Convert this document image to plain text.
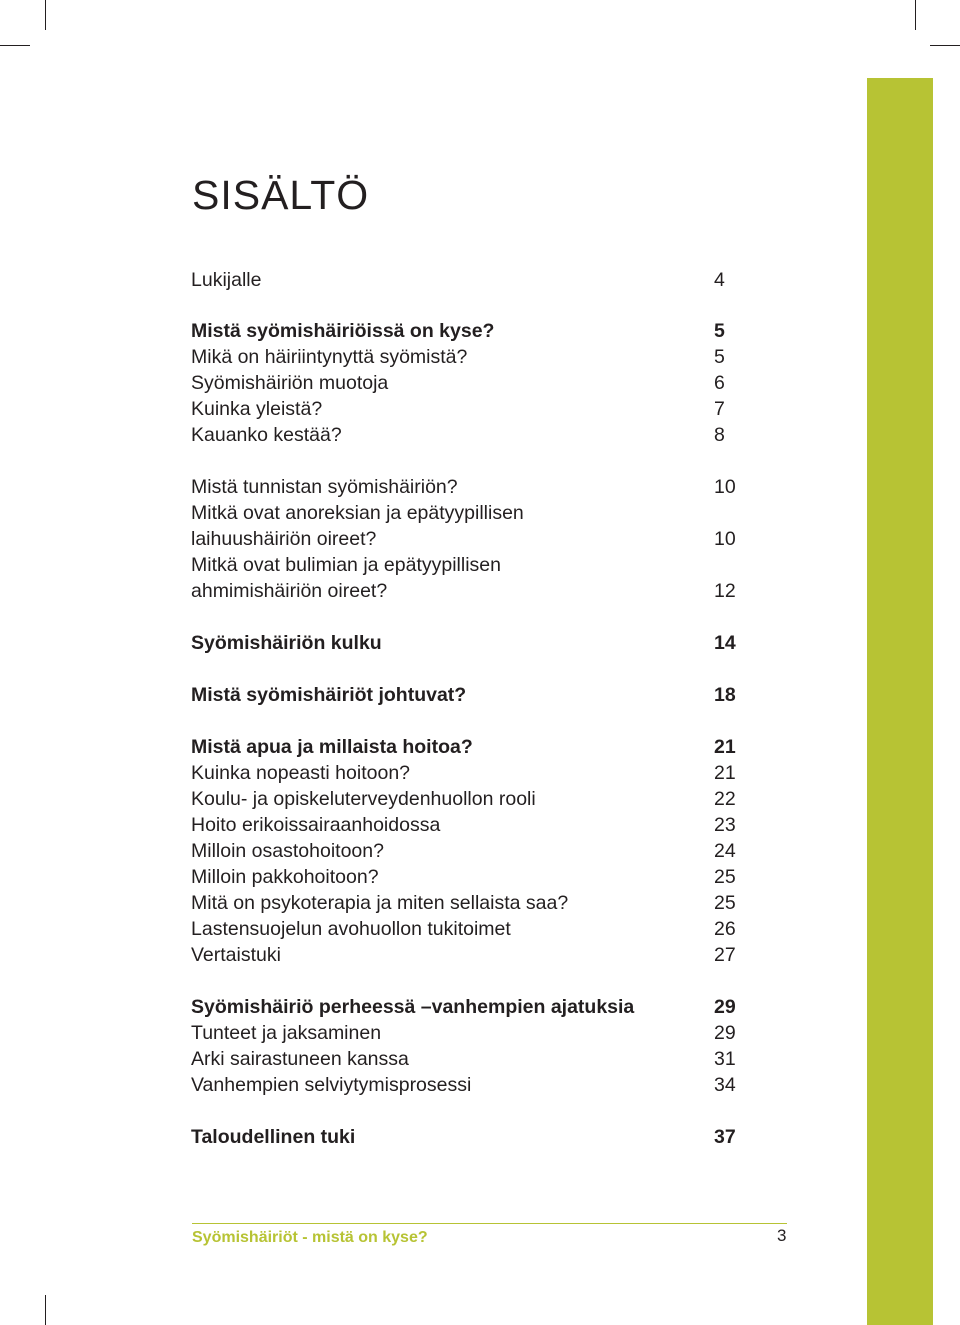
SISÄLTÖ
Lukijalle	4
Mistä syömishäiriöissä on kyse?	5
Mikä on häiriintynyttä syömistä?	5
Syömishäiriön muotoja	6
Kuinka yleistä?	7
Kauanko kestää?	8
Mistä tunnistan syömishäiriön?	10
Mitkä ovat anoreksian ja epätyypillisen
laihuushäiriön oireet?	10
Mitkä ovat bulimian ja epätyypillisen
ahmimishäiriön oireet?	12
Syömishäiriön kulku	14
Mistä syömishäiriöt johtuvat?	18
Mistä apua ja millaista hoitoa?	21
Kuinka nopeasti hoitoon?	21
Koulu- ja opiskeluterveydenhuollon rooli	22
Hoito erikoissairaanhoidossa	23
Milloin osastohoitoon?	24
Milloin pakkohoitoon?	25
Mitä on psykoterapia ja miten sellaista saa?	25
Lastensuojelun avohuollon tukitoimet	26
Vertaistuki	27
Syömishäiriö perheessä –vanhempien ajatuksia	29
Tunteet ja jaksaminen	29
Arki sairastuneen kanssa	31
Vanhempien selviytymisprosessi	34
Taloudellinen tuki	37
Syömishäiriöt - mistä on kyse?	3
